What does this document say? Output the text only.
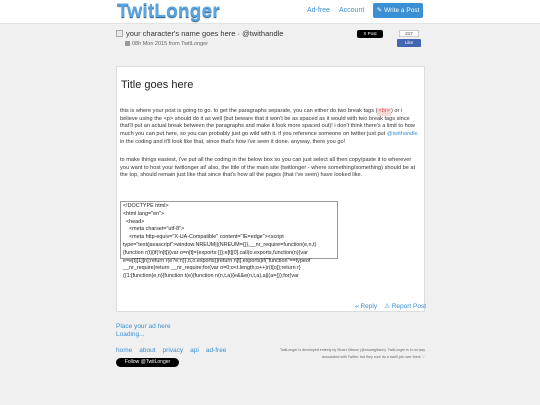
TwitLonger	Ad-free Account	✎ Write a Post
your character's name goes here · @twithandle
08h Mon 2015 from TwitLonger
X Post	217
Like
Title goes here
this is where your post is going to go. to get the paragraphs separate, you can either do two break tags (<br>) or i believe using the <p> should do it as well (but beware that it won't be as spaced as it would with two break tags since that'll put an actual break between the paragraphs and make it look more spaced out)! i don't think there's a limit to how much you can put here, so you can probably just go wild with it. if you reference someone on twitter just put @twithandle in the coding and it'll look like that, since that's how i've seen it done. anyway, there you go!
to make things easiest, i've put all the coding in the below box so you can just select all then copy/paste it to wherever you want to host your twitlonger at! also, the title of the main site (twitlonger - where something/something) should be at the top, should remain just like that since that's how all the pages (that i've seen) have looked like.
<!DOCTYPE html>
<html lang="en">
<head>
<meta charset="utf-8">
<meta http-equiv="X-UA-Compatible" content="IE=edge"><script
type="text/javascript">window.NREUM||(NREUM={}),__nr_require=function(e,n,t)
{function r(t){if(!n[t]){var o=n[t]={exports:{}};e[t][0].call(o.exports,function(n){var
e=e[t][1][n];return r(e?e:n)},o,o.exports)}return n[t].exports}if("function"==typeof
__nr_require)return __nr_require;for(var o=0;o<t.length;o++)r(t[o]);return r}
({1:[function(e,n){function t(e){function n(n,t,a){e&&e(n,t,a),a||(a={});for(var
⤶ Reply ⚠ Report Post
Place your ad here
Loading...
home about privacy api ad-free
Follow @TwitLonger
TwitLonger is developed entirely by Stuart Gibson (@stuartgibson). TwitLonger is in no way
associated with Twitter, but they sure do a swell job over there ♡
